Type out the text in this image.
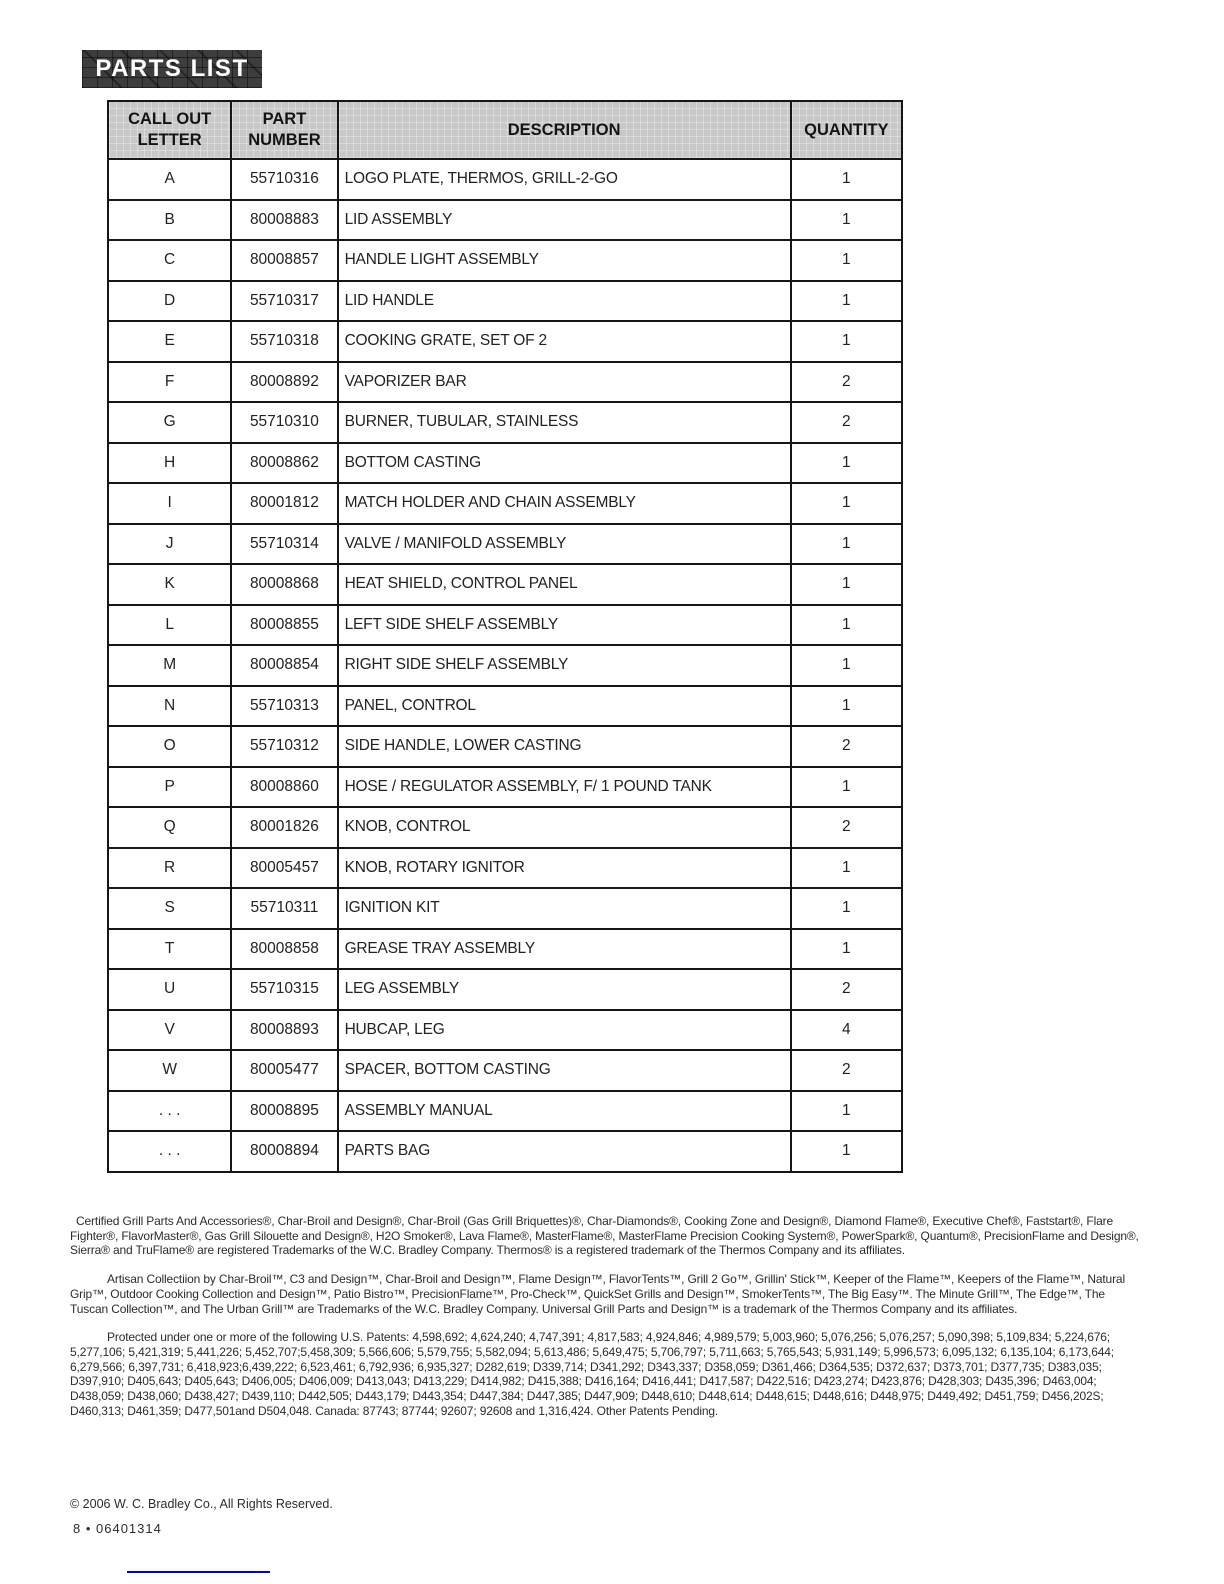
PARTS LIST
CALL OUT LETTER	PART NUMBER	DESCRIPTION	QUANTITY
A	55710316	LOGO PLATE, THERMOS, GRILL-2-GO	1
B	80008883	LID ASSEMBLY	1
C	80008857	HANDLE LIGHT ASSEMBLY	1
D	55710317	LID HANDLE	1
E	55710318	COOKING GRATE, SET OF 2	1
F	80008892	VAPORIZER BAR	2
G	55710310	BURNER, TUBULAR, STAINLESS	2
H	80008862	BOTTOM CASTING	1
I	80001812	MATCH HOLDER AND CHAIN ASSEMBLY	1
J	55710314	VALVE / MANIFOLD ASSEMBLY	1
K	80008868	HEAT SHIELD, CONTROL PANEL	1
L	80008855	LEFT SIDE SHELF ASSEMBLY	1
M	80008854	RIGHT SIDE SHELF ASSEMBLY	1
N	55710313	PANEL, CONTROL	1
O	55710312	SIDE HANDLE, LOWER CASTING	2
P	80008860	HOSE / REGULATOR ASSEMBLY, F/ 1 POUND TANK	1
Q	80001826	KNOB, CONTROL	2
R	80005457	KNOB, ROTARY IGNITOR	1
S	55710311	IGNITION KIT	1
T	80008858	GREASE TRAY ASSEMBLY	1
U	55710315	LEG ASSEMBLY	2
V	80008893	HUBCAP, LEG	4
W	80005477	SPACER, BOTTOM CASTING	2
. . .	80008895	ASSEMBLY MANUAL	1
. . .	80008894	PARTS BAG	1

Certified Grill Parts And Accessories®, Char-Broil and Design®, Char-Broil (Gas Grill Briquettes)®, Char-Diamonds®, Cooking Zone and Design®, Diamond Flame®, Executive Chef®, Faststart®, Flare Fighter®, FlavorMaster®, Gas Grill Silouette and Design®, H2O Smoker®, Lava Flame®, MasterFlame®, MasterFlame Precision Cooking System®, PowerSpark®, Quantum®, PrecisionFlame and Design®, Sierra® and TruFlame® are registered Trademarks of the W.C. Bradley Company. Thermos® is a registered trademark of the Thermos Company and its affiliates.

Artisan Collectiion by Char-Broil™, C3 and Design™, Char-Broil and Design™, Flame Design™, FlavorTents™, Grill 2 Go™, Grillin' Stick™, Keeper of the Flame™, Keepers of the Flame™, Natural Grip™, Outdoor Cooking Collection and Design™, Patio Bistro™, PrecisionFlame™, Pro-Check™, QuickSet Grills and Design™, SmokerTents™, The Big Easy™. The Minute Grill™, The Edge™, The Tuscan Collection™, and The Urban Grill™ are Trademarks of the W.C. Bradley Company. Universal Grill Parts and Design™ is a trademark of the Thermos Company and its affiliates.

Protected under one or more of the following U.S. Patents: 4,598,692; 4,624,240; 4,747,391; 4,817,583; 4,924,846; 4,989,579; 5,003,960; 5,076,256; 5,076,257; 5,090,398; 5,109,834; 5,224,676; 5,277,106; 5,421,319; 5,441,226; 5,452,707;5,458,309; 5,566,606; 5,579,755; 5,582,094; 5,613,486; 5,649,475; 5,706,797; 5,711,663; 5,765,543; 5,931,149; 5,996,573; 6,095,132; 6,135,104; 6,173,644; 6,279,566; 6,397,731; 6,418,923;6,439,222; 6,523,461; 6,792,936; 6,935,327; D282,619; D339,714; D341,292; D343,337; D358,059; D361,466; D364,535; D372,637; D373,701; D377,735; D383,035; D397,910; D405,643; D405,643; D406,005; D406,009; D413,043; D413,229; D414,982; D415,388; D416,164; D416,441; D417,587; D422,516; D423,274; D423,876; D428,303; D435,396; D463,004; D438,059; D438,060; D438,427; D439,110; D442,505; D443,179; D443,354; D447,384; D447,385; D447,909; D448,610; D448,614; D448,615; D448,616; D448,975; D449,492; D451,759; D456,202S; D460,313; D461,359; D477,501and D504,048. Canada: 87743; 87744; 92607; 92608 and 1,316,424. Other Patents Pending.

© 2006 W. C. Bradley Co., All Rights Reserved.

8 • 06401314
